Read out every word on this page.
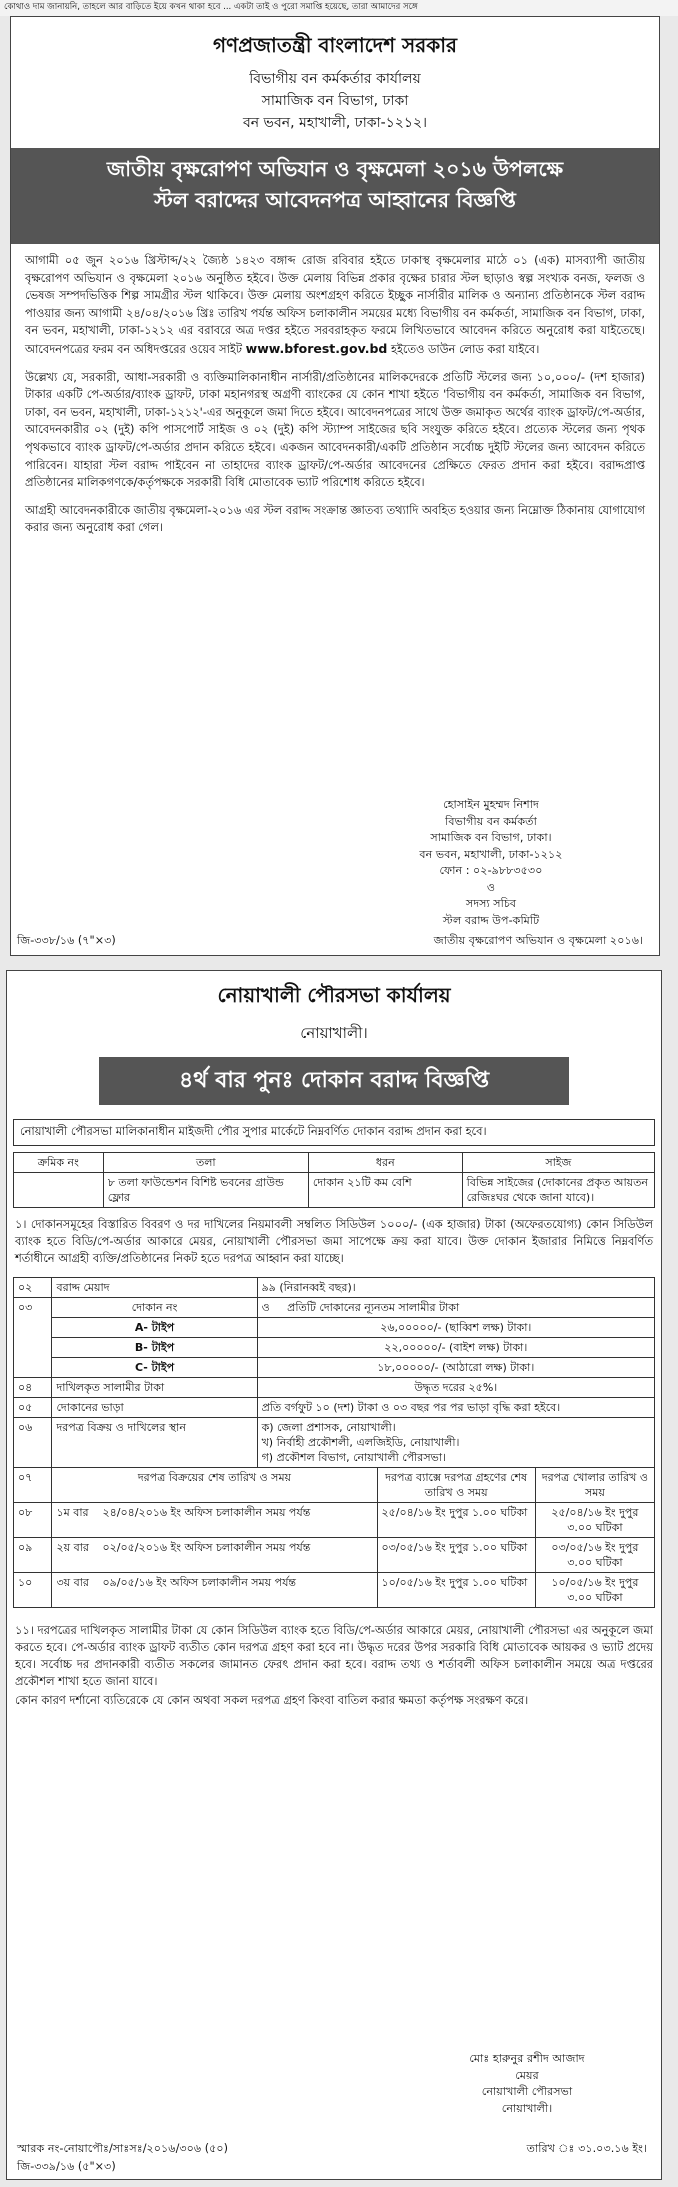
কোথাও দাম জানায়নি, তাহলে আর বাড়িতে ইয়ে কখন থাকা হবে ... একটা তাই ও পুরো সমাপ্তি হয়েছে, তারা আমাদের সঙ্গে
গণপ্রজাতন্ত্রী বাংলাদেশ সরকার
বিভাগীয় বন কর্মকর্তার কার্যালয়
সামাজিক বন বিভাগ, ঢাকা
বন ভবন, মহাখালী, ঢাকা-১২১২।
জাতীয় বৃক্ষরোপণ অভিযান ও বৃক্ষমেলা ২০১৬ উপলক্ষে
স্টল বরাদ্দের আবেদনপত্র আহ্বানের বিজ্ঞপ্তি
আগামী ০৫ জুন ২০১৬ খ্রিস্টাব্দ/২২ জ্যৈষ্ঠ ১৪২৩ বঙ্গাব্দ রোজ রবিবার হইতে ঢাকাস্থ বৃক্ষমেলার মাঠে ০১ (এক) মাসব্যাপী জাতীয় বৃক্ষরোপণ অভিযান ও বৃক্ষমেলা ২০১৬ অনুষ্ঠিত হইবে। উক্ত মেলায় বিভিন্ন প্রকার বৃক্ষের চারার স্টল ছাড়াও স্বল্প সংখ্যক বনজ, ফলজ ও ভেষজ সম্পদভিত্তিক শিল্প সামগ্রীর স্টল থাকিবে। উক্ত মেলায় অংশগ্রহণ করিতে ইচ্ছুক নার্সারীর মালিক ও অন্যান্য প্রতিষ্ঠানকে স্টল বরাদ্দ পাওয়ার জন্য আগামী ২৪/০৪/২০১৬ খ্রিঃ তারিখ পর্যন্ত অফিস চলাকালীন সময়ের মধ্যে বিভাগীয় বন কর্মকর্তা, সামাজিক বন বিভাগ, ঢাকা, বন ভবন, মহাখালী, ঢাকা-১২১২ এর বরাবরে অত্র দপ্তর হইতে সরবরাহকৃত ফরমে লিখিতভাবে আবেদন করিতে অনুরোধ করা যাইতেছে। আবেদনপত্রের ফরম বন অধিদপ্তরের ওয়েব সাইট www.bforest.gov.bd হইতেও ডাউন লোড করা যাইবে।
উল্লেখ্য যে, সরকারী, আধা-সরকারী ও ব্যক্তিমালিকানাধীন নার্সারী/প্রতিষ্ঠানের মালিকদেরকে প্রতিটি স্টলের জন্য ১০,০০০/- (দশ হাজার) টাকার একটি পে-অর্ডার/ব্যাংক ড্রাফট, ঢাকা মহানগরস্থ অগ্রণী ব্যাংকের যে কোন শাখা হইতে 'বিভাগীয় বন কর্মকর্তা, সামাজিক বন বিভাগ, ঢাকা, বন ভবন, মহাখালী, ঢাকা-১২১২'-এর অনুকূলে জমা দিতে হইবে। আবেদনপত্রের সাথে উক্ত জমাকৃত অর্থের ব্যাংক ড্রাফট/পে-অর্ডার, আবেদনকারীর ০২ (দুই) কপি পাসপোর্ট সাইজ ও ০২ (দুই) কপি স্ট্যাম্প সাইজের ছবি সংযুক্ত করিতে হইবে। প্রত্যেক স্টলের জন্য পৃথক পৃথকভাবে ব্যাংক ড্রাফট/পে-অর্ডার প্রদান করিতে হইবে। একজন আবেদনকারী/একটি প্রতিষ্ঠান সর্বোচ্চ দুইটি স্টলের জন্য আবেদন করিতে পারিবেন। যাহারা স্টল বরাদ্দ পাইবেন না তাহাদের ব্যাংক ড্রাফট/পে-অর্ডার আবেদনের প্রেক্ষিতে ফেরত প্রদান করা হইবে। বরাদ্দপ্রাপ্ত প্রতিষ্ঠানের মালিকগণকে/কর্তৃপক্ষকে সরকারী বিধি মোতাবেক ভ্যাট পরিশোধ করিতে হইবে।
আগ্রহী আবেদনকারীকে জাতীয় বৃক্ষমেলা-২০১৬ এর স্টল বরাদ্দ সংক্রান্ত জ্ঞাতব্য তথ্যাদি অবহিত হওয়ার জন্য নিম্নোক্ত ঠিকানায় যোগাযোগ করার জন্য অনুরোধ করা গেল।
হোসাইন মুহম্মদ নিশাদ
বিভাগীয় বন কর্মকর্তা
সামাজিক বন বিভাগ, ঢাকা।
বন ভবন, মহাখালী, ঢাকা-১২১২
ফোন : ০২-৯৮৮৩৫৩০
ও
সদস্য সচিব
স্টল বরাদ্দ উপ-কমিটি
জাতীয় বৃক্ষরোপণ অভিযান ও বৃক্ষমেলা ২০১৬।
জি-৩৩৮/১৬ (৭"×৩)
নোয়াখালী পৌরসভা কার্যালয়
নোয়াখালী।
৪র্থ বার পুনঃ দোকান বরাদ্দ বিজ্ঞপ্তি
নোয়াখালী পৌরসভা মালিকানাধীন মাইজদী পৌর সুপার মার্কেটে নিম্নবর্ণিত দোকান বরাদ্দ প্রদান করা হবে।
ক্রমিক নং	তলা	ধরন	সাইজ
	৮ তলা ফাউন্ডেশন বিশিষ্ট ভবনের গ্রাউন্ড ফ্লোর	দোকান ২১টি কম বেশি	বিভিন্ন সাইজের (দোকানের প্রকৃত আয়তন রেজিঃঘর থেকে জানা যাবে)।
১। দোকানসমূহের বিস্তারিত বিবরণ ও দর দাখিলের নিয়মাবলী সম্বলিত সিডিউল ১০০০/- (এক হাজার) টাকা (অফেরতযোগ্য) কোন সিডিউল ব্যাংক হতে বিডি/পে-অর্ডার আকারে মেয়র, নোয়াখালী পৌরসভা জমা সাপেক্ষে ক্রয় করা যাবে। উক্ত দোকান ইজারার নিমিত্তে নিম্নবর্ণিত শর্তাধীনে আগ্রহী ব্যক্তি/প্রতিষ্ঠানের নিকট হতে দরপত্র আহ্বান করা যাচ্ছে।
০২	বরাদ্দ মেয়াদ	৯৯ (নিরানব্বই বছর)।		
০৩	দোকান নং	ও প্রতিটি দোকানের ন্যূনতম সালামীর টাকা		
	A- টাইপ	২৬,০০০০০/- (ছাব্বিশ লক্ষ) টাকা।		
	B- টাইপ	২২,০০০০০/- (বাইশ লক্ষ) টাকা।		
	C- টাইপ	১৮,০০০০০/- (আঠারো লক্ষ) টাকা।		
০৪	দাখিলকৃত সালামীর টাকা	উদ্ধৃত দরের ২৫%।		
০৫	দোকানের ভাড়া	প্রতি বর্গফুট ১০ (দশ) টাকা ও ০৩ বছর পর পর ভাড়া বৃদ্ধি করা হইবে।		
০৬	দরপত্র বিক্রয় ও দাখিলের স্থান	ক) জেলা প্রশাসক, নোয়াখালী।
খ) নির্বাহী প্রকৌশলী, এলজিইডি, নোয়াখালী।
গ) প্রকৌশল বিভাগ, নোয়াখালী পৌরসভা।		

০৭	দরপত্র বিক্রয়ের শেষ তারিখ ও সময়		দরপত্র ব্যাক্সে দরপত্র গ্রহণের শেষ তারিখ ও সময়	দরপত্র খোলার তারিখ ও সময়
০৮	১ম বার ২৪/০৪/২০১৬ ইং অফিস চলাকালীন সময় পর্যন্ত		২৫/০৪/১৬ ইং দুপুর ১.০০ ঘটিকা	২৫/০৪/১৬ ইং দুপুর ৩.০০ ঘটিকা
০৯	২য় বার ০২/০৫/২০১৬ ইং অফিস চলাকালীন সময় পর্যন্ত		০৩/০৫/১৬ ইং দুপুর ১.০০ ঘটিকা	০৩/০৫/১৬ ইং দুপুর ৩.০০ ঘটিকা
১০	৩য় বার ০৯/০৫/১৬ ইং অফিস চলাকালীন সময় পর্যন্ত		১০/০৫/১৬ ইং দুপুর ১.০০ ঘটিকা	১০/০৫/১৬ ইং দুপুর ৩.০০ ঘটিকা
১১। দরপত্রের দাখিলকৃত সালামীর টাকা যে কোন সিডিউল ব্যাংক হতে বিডি/পে-অর্ডার আকারে মেয়র, নোয়াখালী পৌরসভা এর অনুকূলে জমা করতে হবে। পে-অর্ডার ব্যাংক ড্রাফট ব্যতীত কোন দরপত্র গ্রহণ করা হবে না। উদ্ধৃত দরের উপর সরকারি বিধি মোতাবেক আয়কর ও ভ্যাট প্রদেয় হবে। সর্বোচ্চ দর প্রদানকারী ব্যতীত সকলের জামানত ফেরৎ প্রদান করা হবে। বরাদ্দ তথ্য ও শর্তাবলী অফিস চলাকালীন সময়ে অত্র দপ্তরের প্রকৌশল শাখা হতে জানা যাবে।
কোন কারণ দর্শানো ব্যতিরেকে যে কোন অথবা সকল দরপত্র গ্রহণ কিংবা বাতিল করার ক্ষমতা কর্তৃপক্ষ সংরক্ষণ করে।
মোঃ হারুনুর রশীদ আজাদ
মেয়র
নোয়াখালী পৌরসভা
নোয়াখালী।
স্মারক নং-নোয়াপৌঃ/সাঃসঃ/২০১৬/৩০৬ (৫০)	তারিখ ঃ ৩১.০৩.১৬ ইং।
জি-৩৩৯/১৬ (৫"×৩)
